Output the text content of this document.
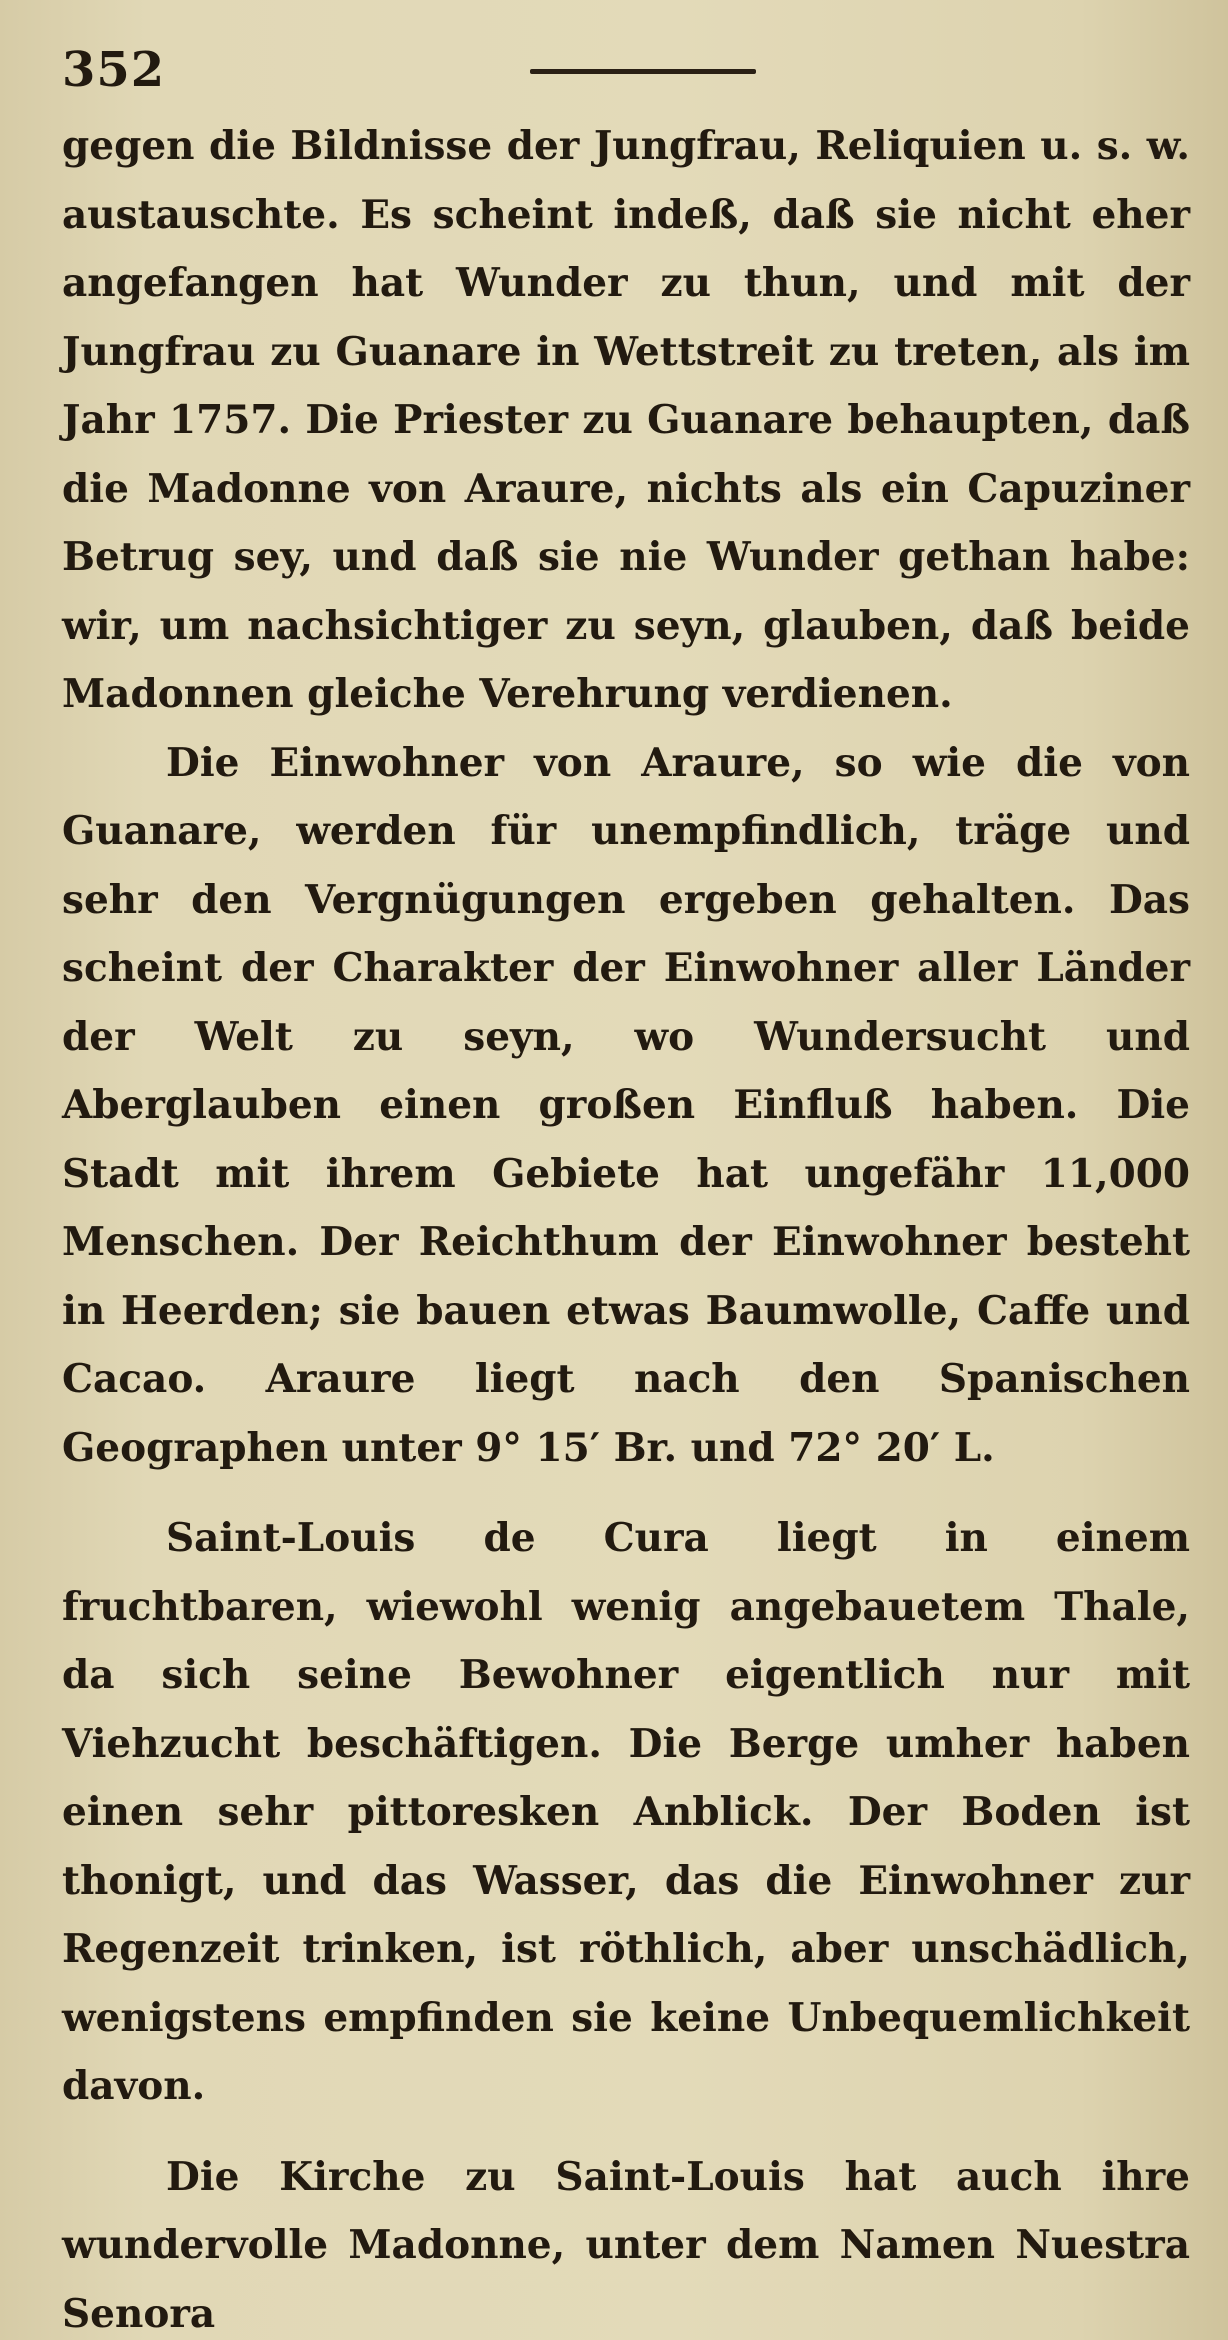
352

gegen die Bildnisse der Jungfrau, Reliquien u. s. w. austauschte. Es scheint indeß, daß sie nicht eher angefangen hat Wunder zu thun, und mit der Jungfrau zu Guanare in Wettstreit zu treten, als im Jahr 1757. Die Priester zu Guanare behaupten, daß die Madonne von Araure, nichts als ein Capuziner Betrug sey, und daß sie nie Wunder gethan habe: wir, um nachsichtiger zu seyn, glauben, daß beide Madonnen gleiche Verehrung verdienen.

Die Einwohner von Araure, so wie die von Guanare, werden für unempfindlich, träge und sehr den Vergnügungen ergeben gehalten. Das scheint der Charakter der Einwohner aller Länder der Welt zu seyn, wo Wundersucht und Aberglauben einen großen Einfluß haben. Die Stadt mit ihrem Gebiete hat ungefähr 11,000 Menschen. Der Reichthum der Einwohner besteht in Heerden; sie bauen etwas Baumwolle, Caffe und Cacao. Araure liegt nach den Spanischen Geographen unter 9° 15′ Br. und 72° 20′ L.

Saint-Louis de Cura liegt in einem fruchtbaren, wiewohl wenig angebauetem Thale, da sich seine Bewohner eigentlich nur mit Viehzucht beschäftigen. Die Berge umher haben einen sehr pittoresken Anblick. Der Boden ist thonigt, und das Wasser, das die Einwohner zur Regenzeit trinken, ist röthlich, aber unschädlich, wenigstens empfinden sie keine Unbequemlichkeit davon.

Die Kirche zu Saint-Louis hat auch ihre wundervolle Madonne, unter dem Namen Nuestra Senora
